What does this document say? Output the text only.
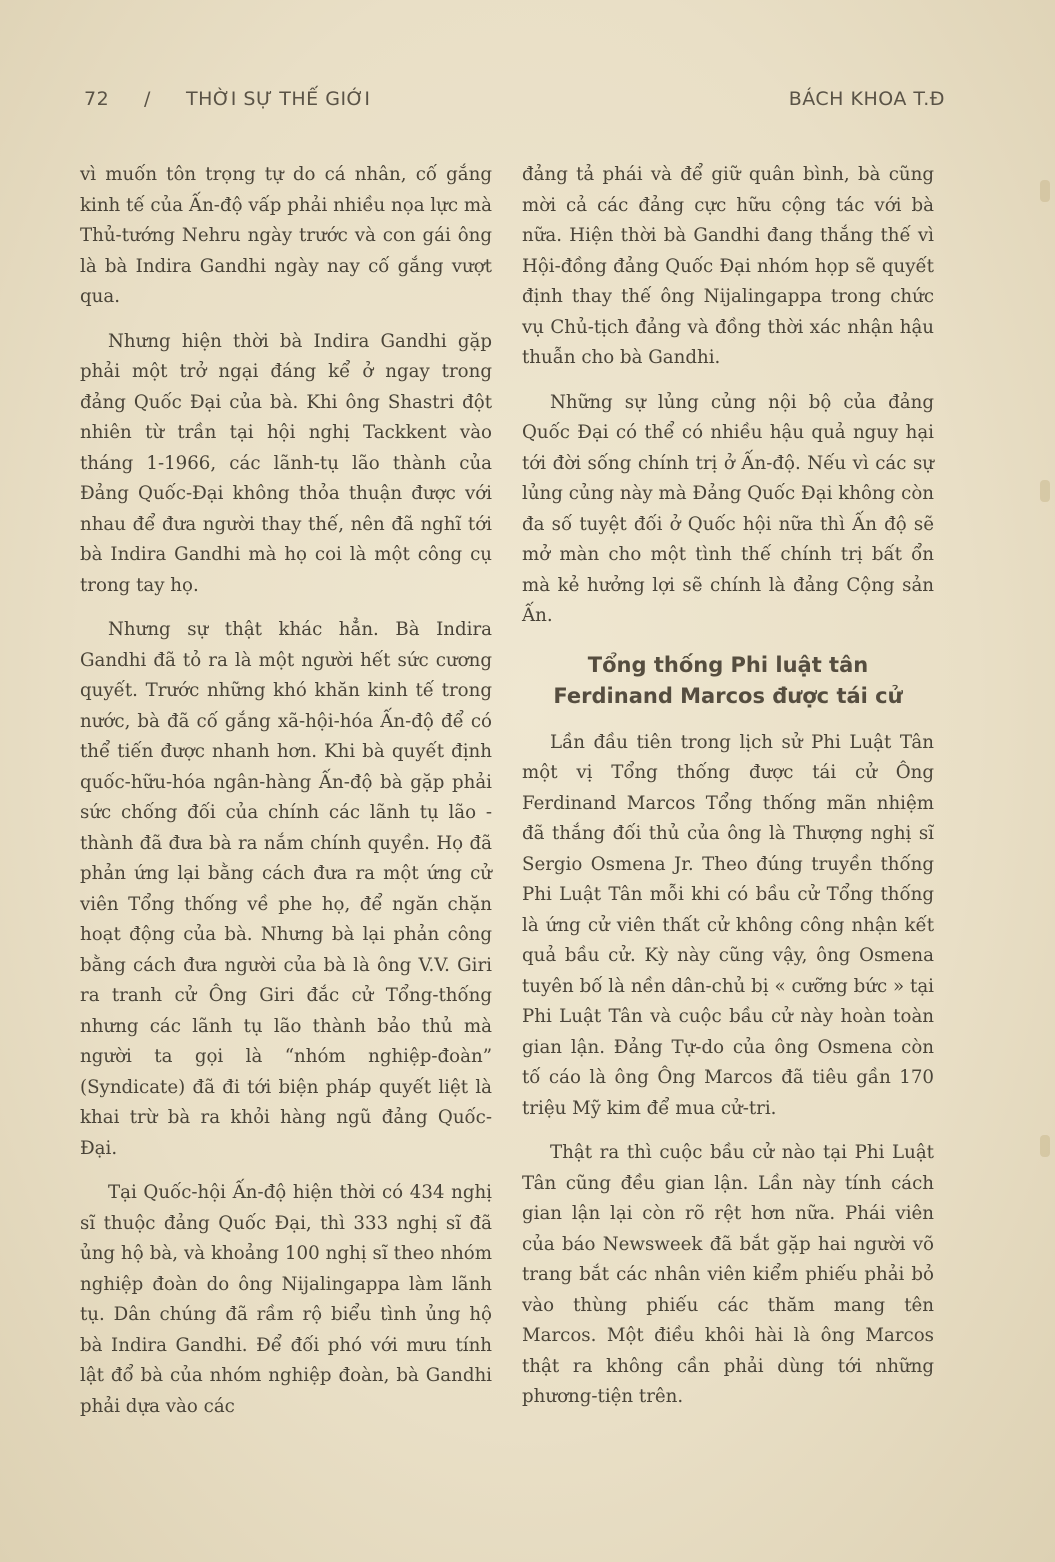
72 / THỜI SỰ THẾ GIỚI	BÁCH KHOA T.Đ

vì muốn tôn trọng tự do cá nhân, cố gắng kinh tế của Ấn-độ vấp phải nhiều nọa lực mà Thủ-tướng Nehru ngày trước và con gái ông là bà Indira Gandhi ngày nay cố gắng vượt qua.

Nhưng hiện thời bà Indira Gandhi gặp phải một trở ngại đáng kể ở ngay trong đảng Quốc Đại của bà. Khi ông Shastri đột nhiên từ trần tại hội nghị Tackkent vào tháng 1-1966, các lãnh-tụ lão thành của Đảng Quốc-Đại không thỏa thuận được với nhau để đưa người thay thế, nên đã nghĩ tới bà Indira Gandhi mà họ coi là một công cụ trong tay họ.

Nhưng sự thật khác hẳn. Bà Indira Gandhi đã tỏ ra là một người hết sức cương quyết. Trước những khó khăn kinh tế trong nước, bà đã cố gắng xã-hội-hóa Ấn-độ để có thể tiến được nhanh hơn. Khi bà quyết định quốc-hữu-hóa ngân-hàng Ấn-độ bà gặp phải sức chống đối của chính các lãnh tụ lão - thành đã đưa bà ra nắm chính quyền. Họ đã phản ứng lại bằng cách đưa ra một ứng cử viên Tổng thống về phe họ, để ngăn chặn hoạt động của bà. Nhưng bà lại phản công bằng cách đưa người của bà là ông V.V. Giri ra tranh cử Ông Giri đắc cử Tổng-thống nhưng các lãnh tụ lão thành bảo thủ mà người ta gọi là “nhóm nghiệp-đoàn” (Syndicate) đã đi tới biện pháp quyết liệt là khai trừ bà ra khỏi hàng ngũ đảng Quốc-Đại.

Tại Quốc-hội Ấn-độ hiện thời có 434 nghị sĩ thuộc đảng Quốc Đại, thì 333 nghị sĩ đã ủng hộ bà, và khoảng 100 nghị sĩ theo nhóm nghiệp đoàn do ông Nijalingappa làm lãnh tụ. Dân chúng đã rầm rộ biểu tình ủng hộ bà Indira Gandhi. Để đối phó với mưu tính lật đổ bà của nhóm nghiệp đoàn, bà Gandhi phải dựa vào các

đảng tả phái và để giữ quân bình, bà cũng mời cả các đảng cực hữu cộng tác với bà nữa. Hiện thời bà Gandhi đang thắng thế vì Hội-đồng đảng Quốc Đại nhóm họp sẽ quyết định thay thế ông Nijalingappa trong chức vụ Chủ-tịch đảng và đồng thời xác nhận hậu thuẫn cho bà Gandhi.

Những sự lủng củng nội bộ của đảng Quốc Đại có thể có nhiều hậu quả nguy hại tới đời sống chính trị ở Ấn-độ. Nếu vì các sự lủng củng này mà Đảng Quốc Đại không còn đa số tuyệt đối ở Quốc hội nữa thì Ấn độ sẽ mở màn cho một tình thế chính trị bất ổn mà kẻ hưởng lợi sẽ chính là đảng Cộng sản Ấn.

Tổng thống Phi luật tân
Ferdinand Marcos được tái cử

Lần đầu tiên trong lịch sử Phi Luật Tân một vị Tổng thống được tái cử Ông Ferdinand Marcos Tổng thống mãn nhiệm đã thắng đối thủ của ông là Thượng nghị sĩ Sergio Osmena Jr. Theo đúng truyền thống Phi Luật Tân mỗi khi có bầu cử Tổng thống là ứng cử viên thất cử không công nhận kết quả bầu cử. Kỳ này cũng vậy, ông Osmena tuyên bố là nền dân-chủ bị « cưỡng bức » tại Phi Luật Tân và cuộc bầu cử này hoàn toàn gian lận. Đảng Tự-do của ông Osmena còn tố cáo là ông Ông Marcos đã tiêu gần 170 triệu Mỹ kim để mua cử-tri.

Thật ra thì cuộc bầu cử nào tại Phi Luật Tân cũng đều gian lận. Lần này tính cách gian lận lại còn rõ rệt hơn nữa. Phái viên của báo Newsweek đã bắt gặp hai người võ trang bắt các nhân viên kiểm phiếu phải bỏ vào thùng phiếu các thăm mang tên Marcos. Một điều khôi hài là ông Marcos thật ra không cần phải dùng tới những phương-tiện trên.
